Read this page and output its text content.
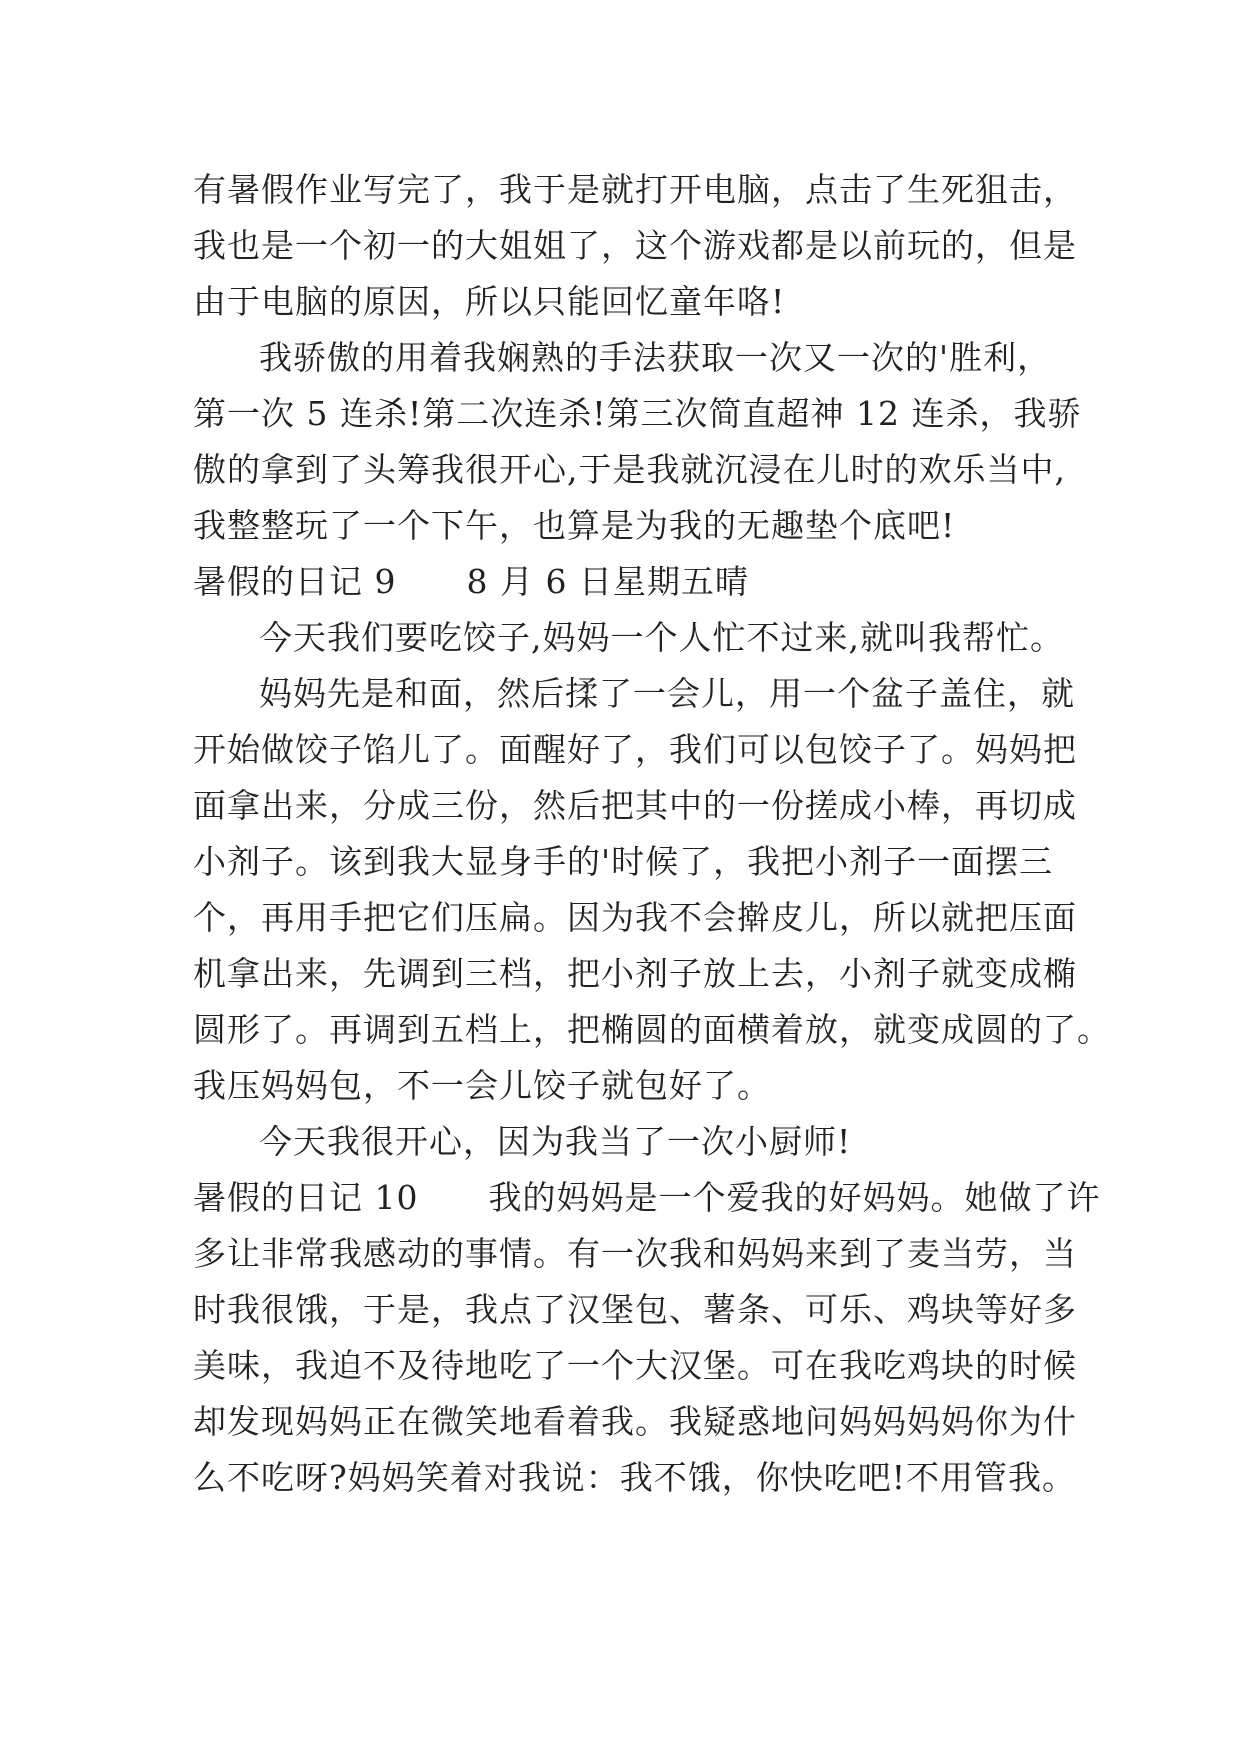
有暑假作业写完了，我于是就打开电脑，点击了生死狙击，
我也是一个初一的大姐姐了，这个游戏都是以前玩的，但是
由于电脑的原因，所以只能回忆童年咯!
我骄傲的用着我娴熟的手法获取一次又一次的'胜利，
第一次 5 连杀!第二次连杀!第三次简直超神 12 连杀，我骄
傲的拿到了头筹我很开心,于是我就沉浸在儿时的欢乐当中,
我整整玩了一个下午，也算是为我的无趣垫个底吧!
暑假的日记 9 8 月 6 日星期五晴
今天我们要吃饺子,妈妈一个人忙不过来,就叫我帮忙。
妈妈先是和面，然后揉了一会儿，用一个盆子盖住，就
开始做饺子馅儿了。面醒好了，我们可以包饺子了。妈妈把
面拿出来，分成三份，然后把其中的一份搓成小棒，再切成
小剂子。该到我大显身手的'时候了，我把小剂子一面摆三
个，再用手把它们压扁。因为我不会擀皮儿，所以就把压面
机拿出来，先调到三档，把小剂子放上去，小剂子就变成椭
圆形了。再调到五档上，把椭圆的面横着放，就变成圆的了。
我压妈妈包，不一会儿饺子就包好了。
今天我很开心，因为我当了一次小厨师!
暑假的日记 10 我的妈妈是一个爱我的好妈妈。她做了许
多让非常我感动的事情。有一次我和妈妈来到了麦当劳，当
时我很饿，于是，我点了汉堡包、薯条、可乐、鸡块等好多
美味，我迫不及待地吃了一个大汉堡。可在我吃鸡块的时候
却发现妈妈正在微笑地看着我。我疑惑地问妈妈妈妈你为什
么不吃呀?妈妈笑着对我说：我不饿，你快吃吧!不用管我。
